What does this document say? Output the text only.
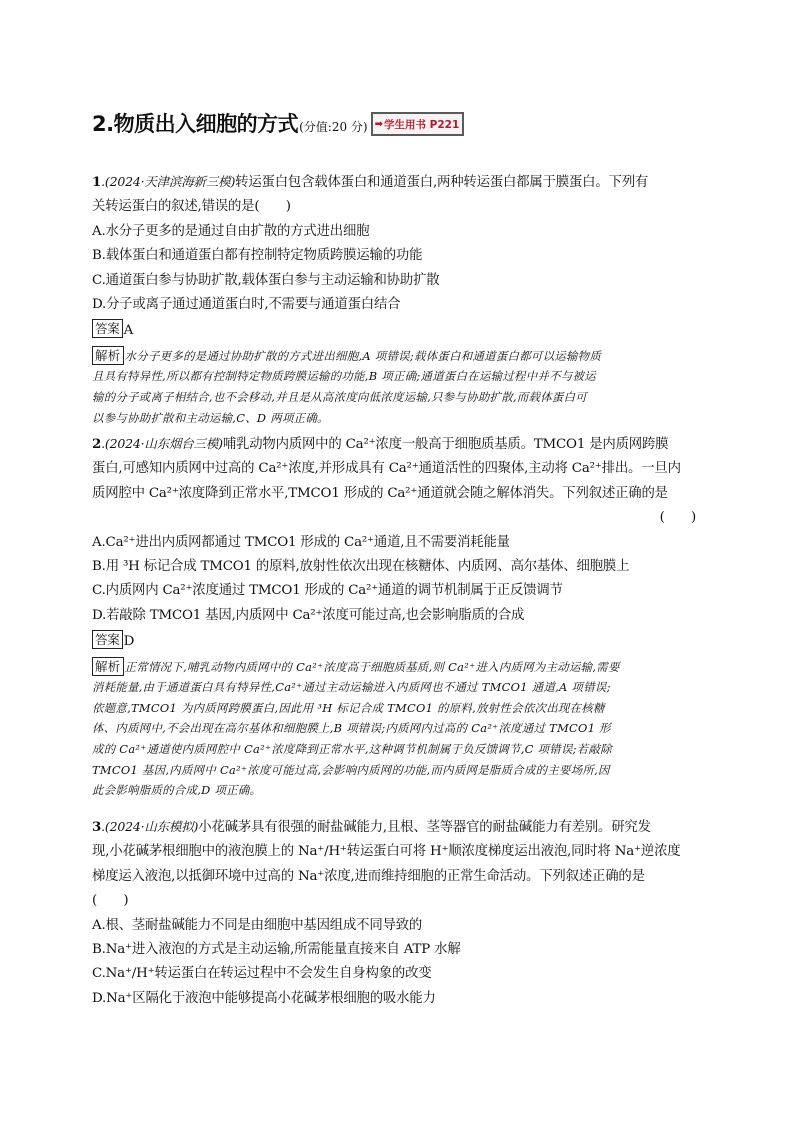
2.物质出入细胞的方式 (分值:20 分) ➡ 学生用书 P221

1.(2024·天津滨海新三模)转运蛋白包含载体蛋白和通道蛋白,两种转运蛋白都属于膜蛋白。下列有

关转运蛋白的叙述,错误的是(　　)

A.水分子更多的是通过自由扩散的方式进出细胞

B.载体蛋白和通道蛋白都有控制特定物质跨膜运输的功能

C.通道蛋白参与协助扩散,载体蛋白参与主动运输和协助扩散

D.分子或离子通过通道蛋白时,不需要与通道蛋白结合

答案 A
解析 水分子更多的是通过协助扩散的方式进出细胞,A 项错误;载体蛋白和通道蛋白都可以运输物质
且具有特异性,所以都有控制特定物质跨膜运输的功能,B 项正确;通道蛋白在运输过程中并不与被运
输的分子或离子相结合,也不会移动,并且是从高浓度向低浓度运输,只参与协助扩散,而载体蛋白可
以参与协助扩散和主动运输,C、D 两项正确。

2.(2024·山东烟台三模)哺乳动物内质网中的 Ca²⁺浓度一般高于细胞质基质。TMCO1 是内质网跨膜

蛋白,可感知内质网中过高的 Ca²⁺浓度,并形成具有 Ca²⁺通道活性的四聚体,主动将 Ca²⁺排出。一旦内

质网腔中 Ca²⁺浓度降到正常水平,TMCO1 形成的 Ca²⁺通道就会随之解体消失。下列叙述正确的是

(　　)

A.Ca²⁺进出内质网都通过 TMCO1 形成的 Ca²⁺通道,且不需要消耗能量

B.用 ³H 标记合成 TMCO1 的原料,放射性依次出现在核糖体、内质网、高尔基体、细胞膜上

C.内质网内 Ca²⁺浓度通过 TMCO1 形成的 Ca²⁺通道的调节机制属于正反馈调节

D.若敲除 TMCO1 基因,内质网中 Ca²⁺浓度可能过高,也会影响脂质的合成

答案 D
解析 正常情况下,哺乳动物内质网中的 Ca²⁺浓度高于细胞质基质,则 Ca²⁺进入内质网为主动运输,需要
消耗能量,由于通道蛋白具有特异性,Ca²⁺通过主动运输进入内质网也不通过 TMCO1 通道,A 项错误;
依题意,TMCO1 为内质网跨膜蛋白,因此用 ³H 标记合成 TMCO1 的原料,放射性会依次出现在核糖
体、内质网中,不会出现在高尔基体和细胞膜上,B 项错误;内质网内过高的 Ca²⁺浓度通过 TMCO1 形
成的 Ca²⁺通道使内质网腔中 Ca²⁺浓度降到正常水平,这种调节机制属于负反馈调节,C 项错误;若敲除
TMCO1 基因,内质网中 Ca²⁺浓度可能过高,会影响内质网的功能,而内质网是脂质合成的主要场所,因
此会影响脂质的合成,D 项正确。

3.(2024·山东模拟)小花碱茅具有很强的耐盐碱能力,且根、茎等器官的耐盐碱能力有差别。研究发

现,小花碱茅根细胞中的液泡膜上的 Na⁺/H⁺转运蛋白可将 H⁺顺浓度梯度运出液泡,同时将 Na⁺逆浓度

梯度运入液泡,以抵御环境中过高的 Na⁺浓度,进而维持细胞的正常生命活动。下列叙述正确的是

(　　)

A.根、茎耐盐碱能力不同是由细胞中基因组成不同导致的

B.Na⁺进入液泡的方式是主动运输,所需能量直接来自 ATP 水解

C.Na⁺/H⁺转运蛋白在转运过程中不会发生自身构象的改变

D.Na⁺区隔化于液泡中能够提高小花碱茅根细胞的吸水能力
